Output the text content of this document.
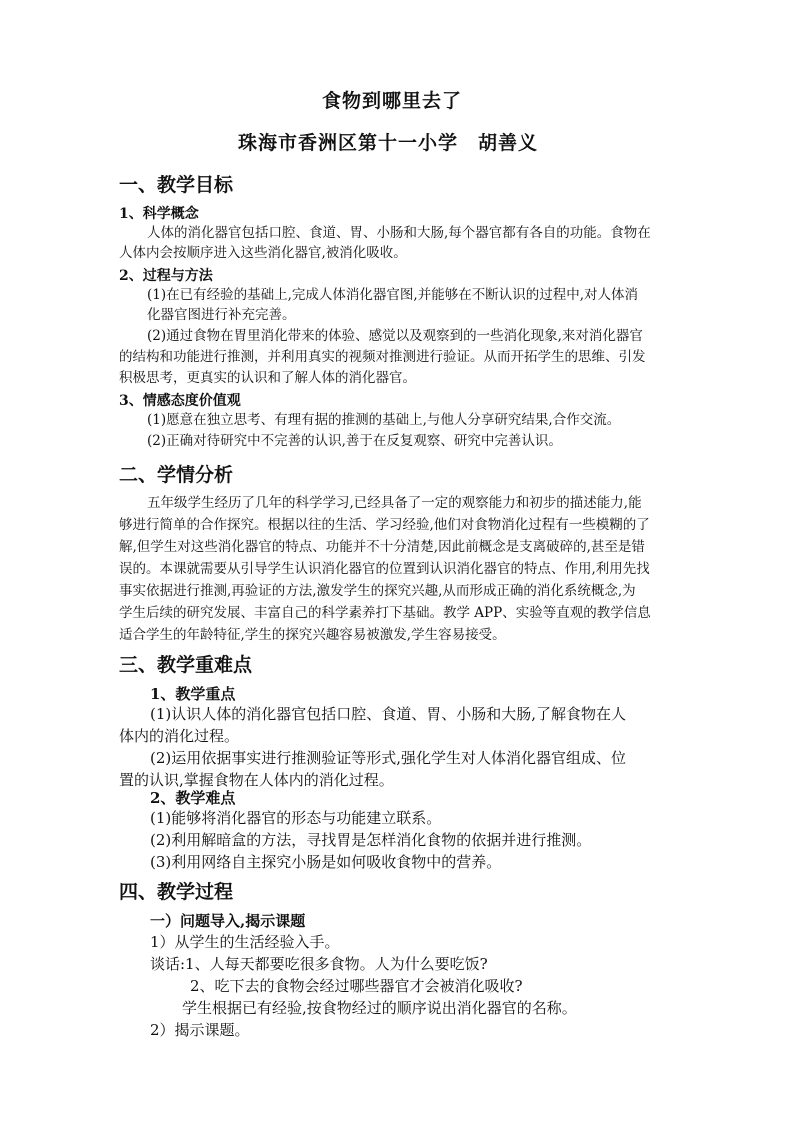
食物到哪里去了
珠海市香洲区第十一小学　胡善义
一、教学目标
1、科学概念
人体的消化器官包括口腔、食道、胃、小肠和大肠,每个器官都有各自的功能。食物在
人体内会按顺序进入这些消化器官,被消化吸收。
2、过程与方法
(1)在已有经验的基础上,完成人体消化器官图,并能够在不断认识的过程中,对人体消
化器官图进行补充完善。
(2)通过食物在胃里消化带来的体验、感觉以及观察到的一些消化现象,来对消化器官
的结构和功能进行推测，并利用真实的视频对推测进行验证。从而开拓学生的思维、引发
积极思考，更真实的认识和了解人体的消化器官。
3、情感态度价值观
(1)愿意在独立思考、有理有据的推测的基础上,与他人分享研究结果,合作交流。
(2)正确对待研究中不完善的认识,善于在反复观察、研究中完善认识。
二、学情分析
五年级学生经历了几年的科学学习,已经具备了一定的观察能力和初步的描述能力,能
够进行简单的合作探究。根据以往的生活、学习经验,他们对食物消化过程有一些模糊的了
解,但学生对这些消化器官的特点、功能并不十分清楚,因此前概念是支离破碎的,甚至是错
误的。本课就需要从引导学生认识消化器官的位置到认识消化器官的特点、作用,利用先找
事实依据进行推测,再验证的方法,激发学生的探究兴趣,从而形成正确的消化系统概念,为
学生后续的研究发展、丰富自己的科学素养打下基础。教学 APP、实验等直观的教学信息
适合学生的年龄特征,学生的探究兴趣容易被激发,学生容易接受。
三、教学重难点
1、教学重点
(1)认识人体的消化器官包括口腔、食道、胃、小肠和大肠,了解食物在人
体内的消化过程。
(2)运用依据事实进行推测验证等形式,强化学生对人体消化器官组成、位
置的认识,掌握食物在人体内的消化过程。
2、教学难点
(1)能够将消化器官的形态与功能建立联系。
(2)利用解暗盒的方法，寻找胃是怎样消化食物的依据并进行推测。
(3)利用网络自主探究小肠是如何吸收食物中的营养。
四、教学过程
一）问题导入,揭示课题
1）从学生的生活经验入手。
谈话:1、人每天都要吃很多食物。人为什么要吃饭?
2、吃下去的食物会经过哪些器官才会被消化吸收?
学生根据已有经验,按食物经过的顺序说出消化器官的名称。
2）揭示课题。
